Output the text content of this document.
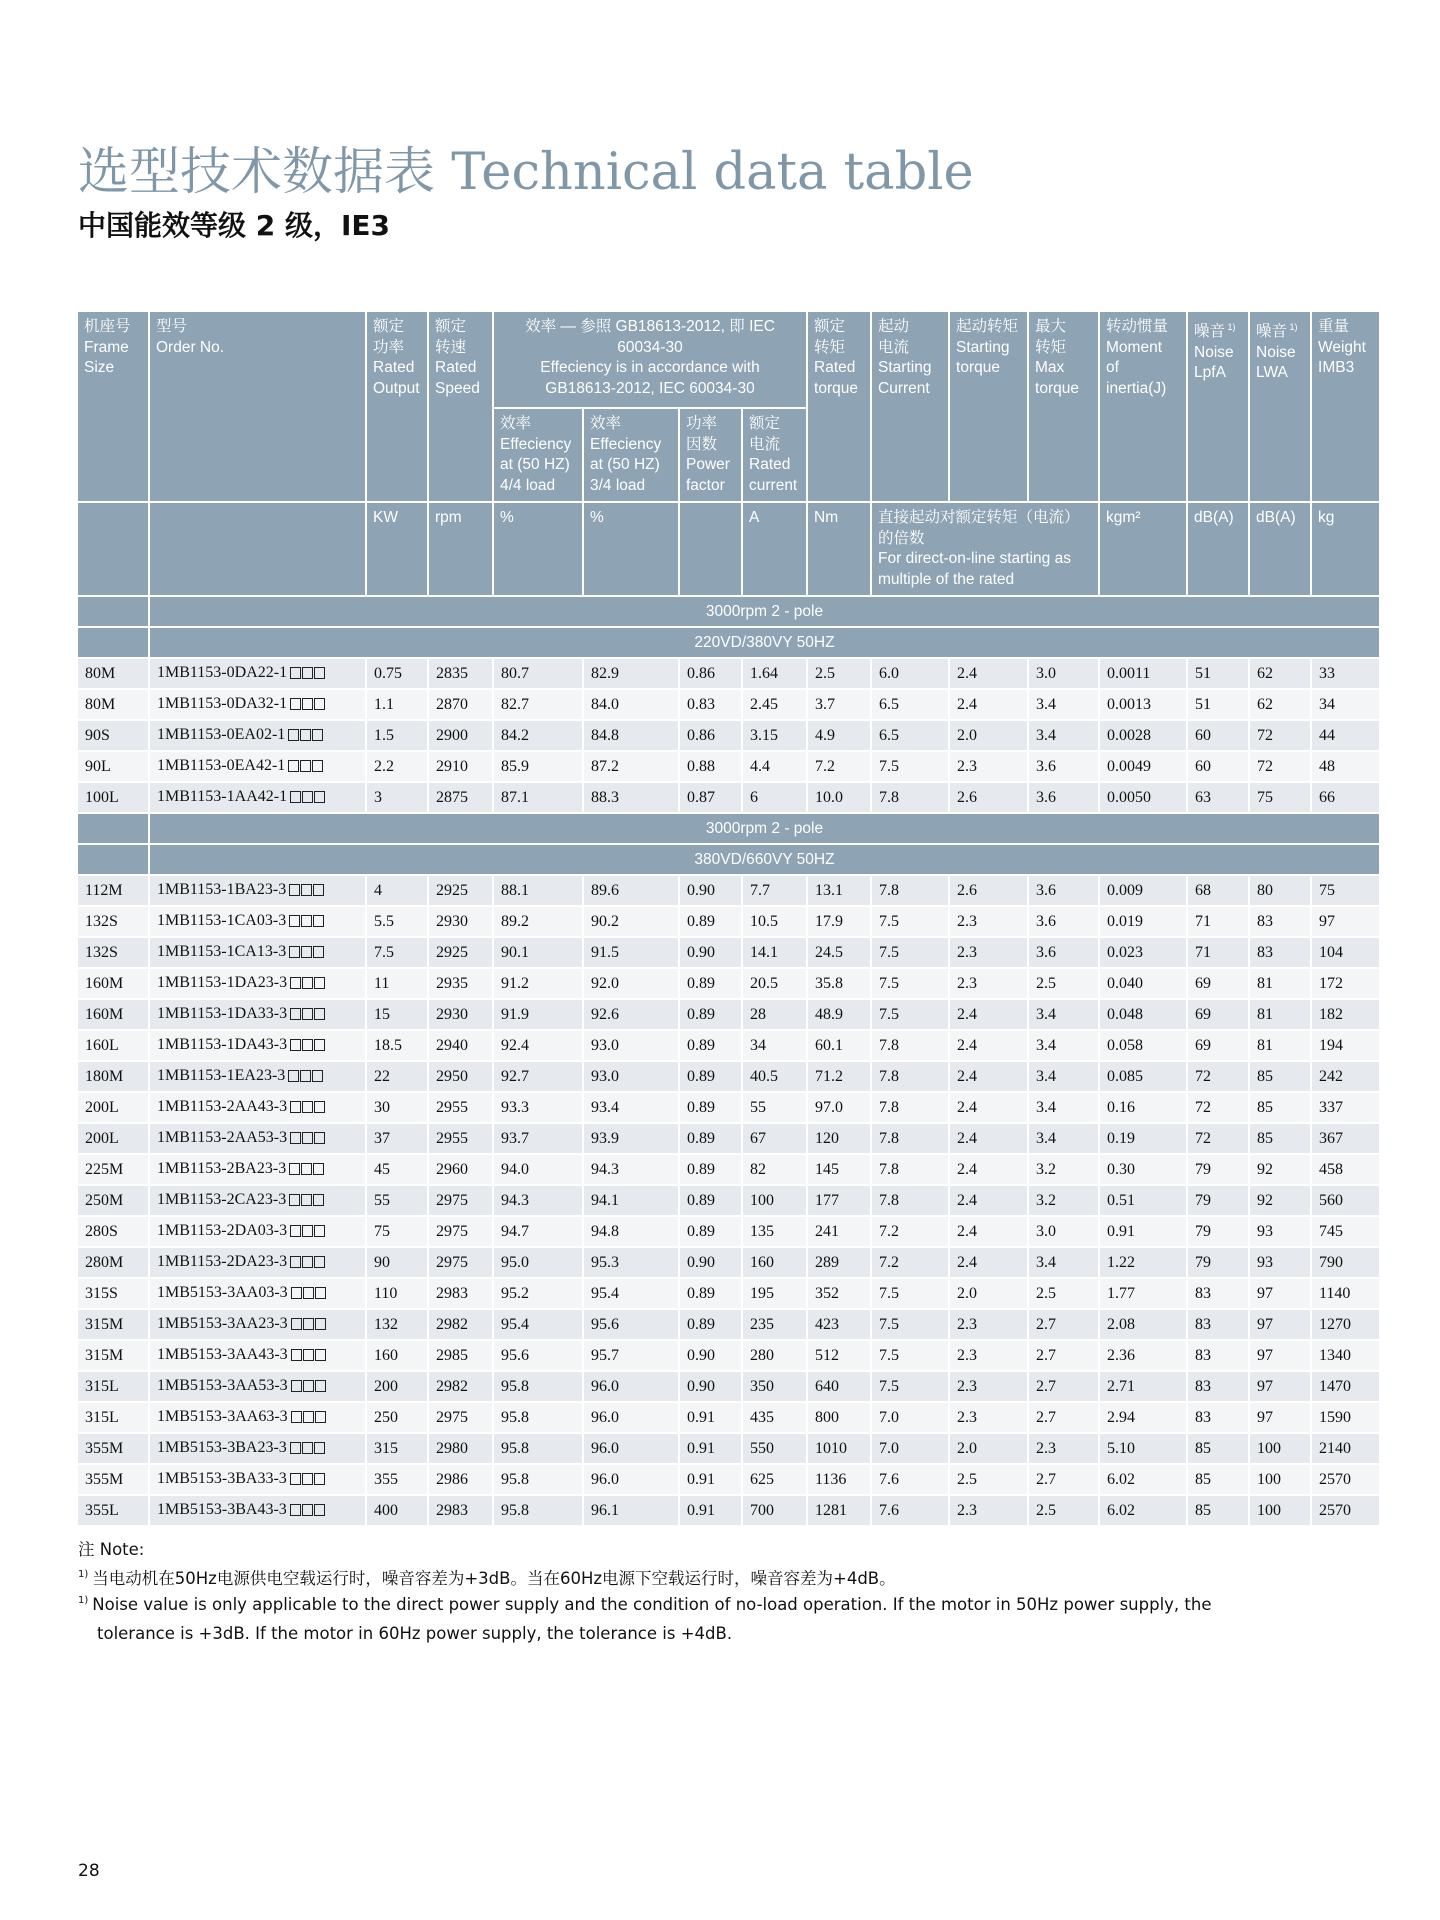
选型技术数据表 Technical data table
中国能效等级 2 级，IE3
机座号
Frame
Size	型号
Order No.	额定
功率
Rated
Output	额定
转速
Rated
Speed	效率 — 参照 GB18613-2012, 即 IEC
60034-30
Effeciency is in accordance with
GB18613-2012, IEC 60034-30				额定
转矩
Rated
torque	起动
电流
Starting
Current	起动转矩
Starting
torque	最大
转矩
Max
torque	转动惯量
Moment
of
inertia(J)	噪音 $^{1)}$
Noise
LpfA	噪音 $^{1)}$
Noise
LWA	重量
Weight
IMB3

				效率
Effeciency
at (50 HZ)
4/4 load	效率
Effeciency
at (50 HZ)
3/4 load	功率
因数
Power
factor	额定
电流
Rated
current								

		KW	rpm	%	%		A	Nm	直接起动对额定转矩（电流）
的倍数
For direct-on-line starting as
multiple of the rated			kgm²	dB(A)	dB(A)	kg
	3000rpm 2 - pole														
	220VD/380VY 50HZ														
80M	1MB1153-0DA22-1	0.75	2835	80.7	82.9	0.86	1.64	2.5	6.0	2.4	3.0	0.0011	51	62	33
80M	1MB1153-0DA32-1	1.1	2870	82.7	84.0	0.83	2.45	3.7	6.5	2.4	3.4	0.0013	51	62	34
90S	1MB1153-0EA02-1	1.5	2900	84.2	84.8	0.86	3.15	4.9	6.5	2.0	3.4	0.0028	60	72	44
90L	1MB1153-0EA42-1	2.2	2910	85.9	87.2	0.88	4.4	7.2	7.5	2.3	3.6	0.0049	60	72	48
100L	1MB1153-1AA42-1	3	2875	87.1	88.3	0.87	6	10.0	7.8	2.6	3.6	0.0050	63	75	66
	3000rpm 2 - pole														
	380VD/660VY 50HZ														
112M	1MB1153-1BA23-3	4	2925	88.1	89.6	0.90	7.7	13.1	7.8	2.6	3.6	0.009	68	80	75
132S	1MB1153-1CA03-3	5.5	2930	89.2	90.2	0.89	10.5	17.9	7.5	2.3	3.6	0.019	71	83	97
132S	1MB1153-1CA13-3	7.5	2925	90.1	91.5	0.90	14.1	24.5	7.5	2.3	3.6	0.023	71	83	104
160M	1MB1153-1DA23-3	11	2935	91.2	92.0	0.89	20.5	35.8	7.5	2.3	2.5	0.040	69	81	172
160M	1MB1153-1DA33-3	15	2930	91.9	92.6	0.89	28	48.9	7.5	2.4	3.4	0.048	69	81	182
160L	1MB1153-1DA43-3	18.5	2940	92.4	93.0	0.89	34	60.1	7.8	2.4	3.4	0.058	69	81	194
180M	1MB1153-1EA23-3	22	2950	92.7	93.0	0.89	40.5	71.2	7.8	2.4	3.4	0.085	72	85	242
200L	1MB1153-2AA43-3	30	2955	93.3	93.4	0.89	55	97.0	7.8	2.4	3.4	0.16	72	85	337
200L	1MB1153-2AA53-3	37	2955	93.7	93.9	0.89	67	120	7.8	2.4	3.4	0.19	72	85	367
225M	1MB1153-2BA23-3	45	2960	94.0	94.3	0.89	82	145	7.8	2.4	3.2	0.30	79	92	458
250M	1MB1153-2CA23-3	55	2975	94.3	94.1	0.89	100	177	7.8	2.4	3.2	0.51	79	92	560
280S	1MB1153-2DA03-3	75	2975	94.7	94.8	0.89	135	241	7.2	2.4	3.0	0.91	79	93	745
280M	1MB1153-2DA23-3	90	2975	95.0	95.3	0.90	160	289	7.2	2.4	3.4	1.22	79	93	790
315S	1MB5153-3AA03-3	110	2983	95.2	95.4	0.89	195	352	7.5	2.0	2.5	1.77	83	97	1140
315M	1MB5153-3AA23-3	132	2982	95.4	95.6	0.89	235	423	7.5	2.3	2.7	2.08	83	97	1270
315M	1MB5153-3AA43-3	160	2985	95.6	95.7	0.90	280	512	7.5	2.3	2.7	2.36	83	97	1340
315L	1MB5153-3AA53-3	200	2982	95.8	96.0	0.90	350	640	7.5	2.3	2.7	2.71	83	97	1470
315L	1MB5153-3AA63-3	250	2975	95.8	96.0	0.91	435	800	7.0	2.3	2.7	2.94	83	97	1590
355M	1MB5153-3BA23-3	315	2980	95.8	96.0	0.91	550	1010	7.0	2.0	2.3	5.10	85	100	2140
355M	1MB5153-3BA33-3	355	2986	95.8	96.0	0.91	625	1136	7.6	2.5	2.7	6.02	85	100	2570
355L	1MB5153-3BA43-3	400	2983	95.8	96.1	0.91	700	1281	7.6	2.3	2.5	6.02	85	100	2570
注 Note:
$^{1)}$ 当电动机在50Hz电源供电空载运行时，噪音容差为+3dB。当在60Hz电源下空载运行时，噪音容差为+4dB。
$^{1)}$ Noise value is only applicable to the direct power supply and the condition of no-load operation. If the motor in 50Hz power supply, the
tolerance is +3dB. If the motor in 60Hz power supply, the tolerance is +4dB.
28
